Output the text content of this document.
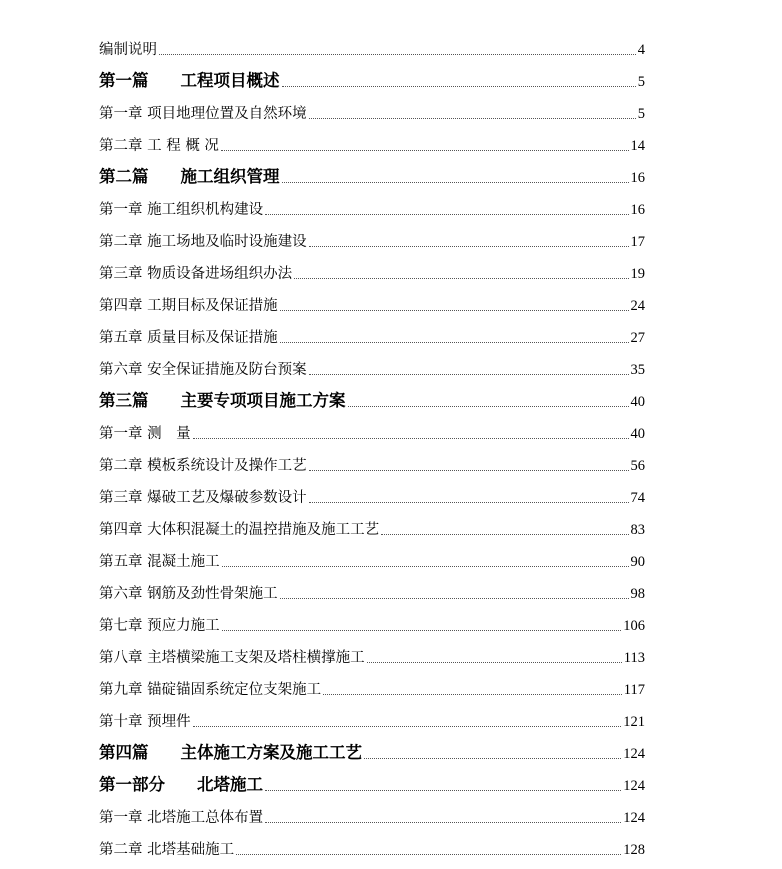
编制说明	4
第一篇 工程项目概述	5
第一章 项目地理位置及自然环境	5
第二章 工 程 概 况	14
第二篇 施工组织管理	16
第一章 施工组织机构建设	16
第二章 施工场地及临时设施建设	17
第三章 物质设备进场组织办法	19
第四章 工期目标及保证措施	24
第五章 质量目标及保证措施	27
第六章 安全保证措施及防台预案	35
第三篇 主要专项项目施工方案	40
第一章 测　量	40
第二章 模板系统设计及操作工艺	56
第三章 爆破工艺及爆破参数设计	74
第四章 大体积混凝土的温控措施及施工工艺	83
第五章 混凝土施工	90
第六章 钢筋及劲性骨架施工	98
第七章 预应力施工	106
第八章 主塔横梁施工支架及塔柱横撑施工	113
第九章 锚碇锚固系统定位支架施工	117
第十章 预埋件	121
第四篇 主体施工方案及施工工艺	124
第一部分 北塔施工	124
第一章 北塔施工总体布置	124
第二章 北塔基础施工	128
